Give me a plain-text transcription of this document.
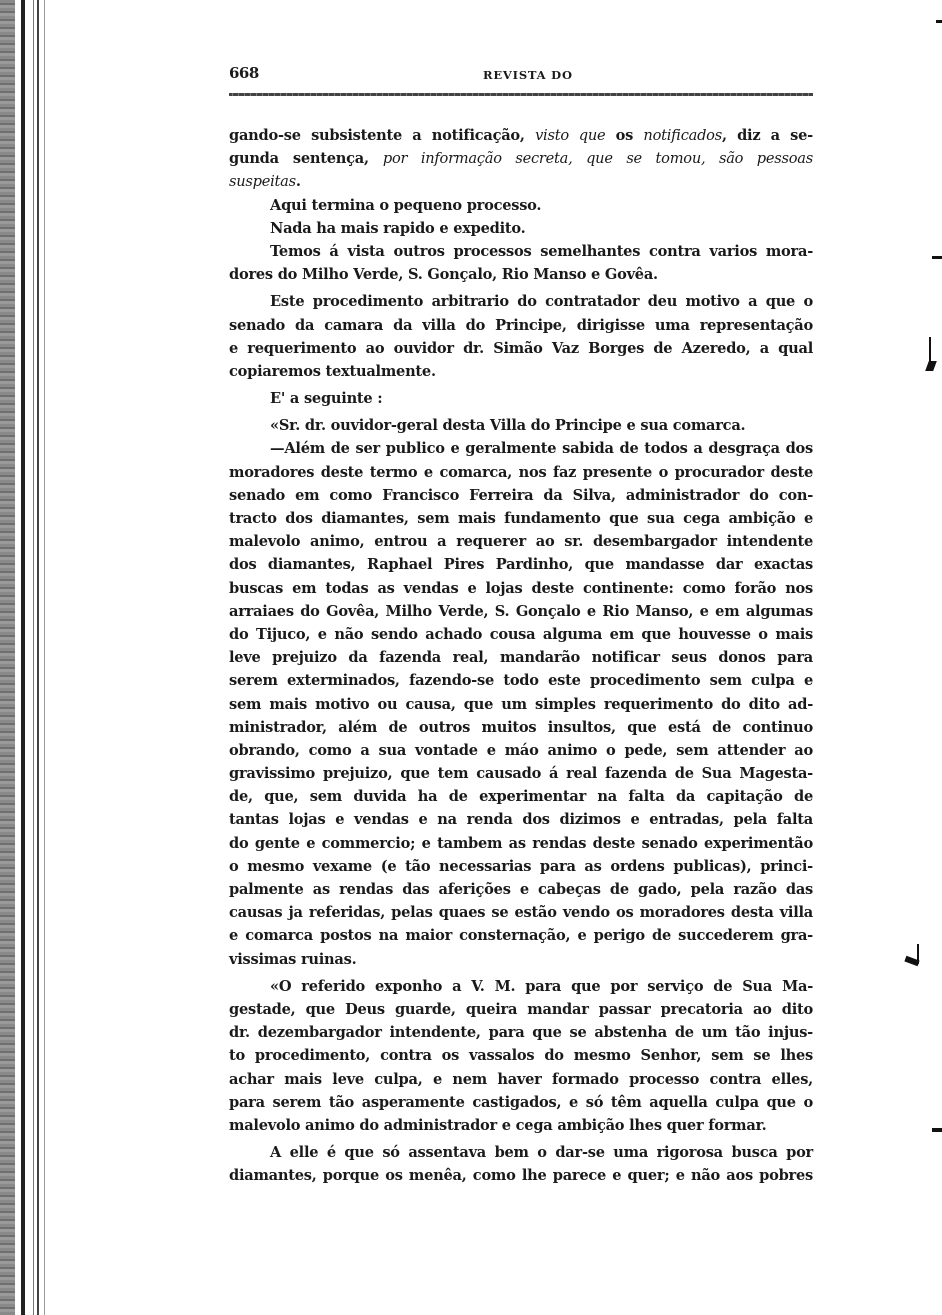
668	REVISTA DO
gando-se subsistente a notificação, visto que os notificados, diz a se-
gunda sentença, por informação secreta, que se tomou, são pessoas
suspeitas.
Aqui termina o pequeno processo.
Nada ha mais rapido e expedito.
Temos á vista outros processos semelhantes contra varios mora-
dores do Milho Verde, S. Gonçalo, Rio Manso e Govêa.
Este procedimento arbitrario do contratador deu motivo a que o
senado da camara da villa do Principe, dirigisse uma representação
e requerimento ao ouvidor dr. Simão Vaz Borges de Azeredo, a qual
copiaremos textualmente.
E' a seguinte :
«Sr. dr. ouvidor-geral desta Villa do Principe e sua comarca.
—Além de ser publico e geralmente sabida de todos a desgraça dos
moradores deste termo e comarca, nos faz presente o procurador deste
senado em como Francisco Ferreira da Silva, administrador do con-
tracto dos diamantes, sem mais fundamento que sua cega ambição e
malevolo animo, entrou a requerer ao sr. desembargador intendente
dos diamantes, Raphael Pires Pardinho, que mandasse dar exactas
buscas em todas as vendas e lojas deste continente: como forão nos
arraiaes do Govêa, Milho Verde, S. Gonçalo e Rio Manso, e em algumas
do Tijuco, e não sendo achado cousa alguma em que houvesse o mais
leve prejuizo da fazenda real, mandarão notificar seus donos para
serem exterminados, fazendo-se todo este procedimento sem culpa e
sem mais motivo ou causa, que um simples requerimento do dito ad-
ministrador, além de outros muitos insultos, que está de continuo
obrando, como a sua vontade e máo animo o pede, sem attender ao
gravissimo prejuizo, que tem causado á real fazenda de Sua Magesta-
de, que, sem duvida ha de experimentar na falta da capitação de
tantas lojas e vendas e na renda dos dizimos e entradas, pela falta
do gente e commercio; e tambem as rendas deste senado experimentão
o mesmo vexame (e tão necessarias para as ordens publicas), princi-
palmente as rendas das aferições e cabeças de gado, pela razão das
causas ja referidas, pelas quaes se estão vendo os moradores desta villa
e comarca postos na maior consternação, e perigo de succederem gra-
vissimas ruinas.
«O referido exponho a V. M. para que por serviço de Sua Ma-
gestade, que Deus guarde, queira mandar passar precatoria ao dito
dr. dezembargador intendente, para que se abstenha de um tão injus-
to procedimento, contra os vassalos do mesmo Senhor, sem se lhes
achar mais leve culpa, e nem haver formado processo contra elles,
para serem tão asperamente castigados, e só têm aquella culpa que o
malevolo animo do administrador e cega ambição lhes quer formar.
A elle é que só assentava bem o dar-se uma rigorosa busca por
diamantes, porque os menêa, como lhe parece e quer; e não aos pobres
